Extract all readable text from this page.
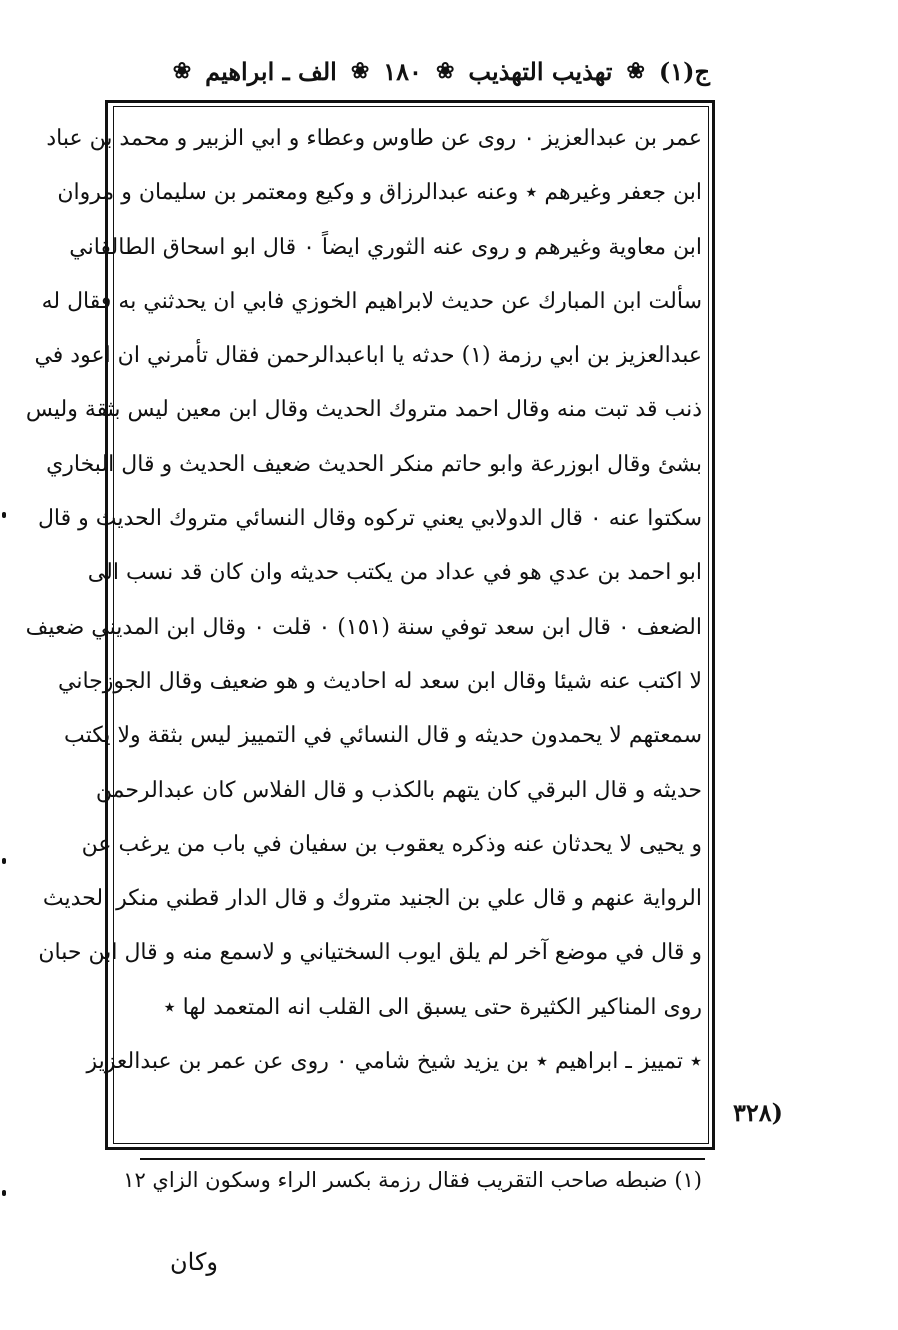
ج(١)
❀
تهذيب التهذيب
❀
١٨٠
❀
الف ـ ابراهيم
❀
عمر بن عبدالعزيز ٠ روى عن طاوس وعطاء و ابي الزبير و محمد بن عباد
ابن جعفر وغيرهم ٭ وعنه عبدالرزاق و وكيع ومعتمر بن سليمان و مروان
ابن معاوية وغيرهم و روى عنه الثوري ايضاً ٠ قال ابو اسحاق الطالقاني
سألت ابن المبارك عن حديث لابراهيم الخوزي فابي ان يحدثني به فقال له
عبدالعزيز بن ابي رزمة (١) حدثه يا اباعبدالرحمن فقال تأمرني ان اعود في
ذنب قد تبت منه وقال احمد متروك الحديث وقال ابن معين ليس بثقة وليس
بشئ وقال ابوزرعة وابو حاتم منكر الحديث ضعيف الحديث و قال البخاري
سكتوا عنه ٠ قال الدولابي يعني تركوه وقال النسائي متروك الحديث و قال
ابو احمد بن عدي هو في عداد من يكتب حديثه وان كان قد نسب الى
الضعف ٠ قال ابن سعد توفي سنة (١٥١) ٠ قلت ٠ وقال ابن المديني ضعيف
لا اكتب عنه شيئا وقال ابن سعد له احاديث و هو ضعيف وقال الجوزجاني
سمعتهم لا يحمدون حديثه و قال النسائي في التمييز ليس بثقة ولا يكتب
حديثه و قال البرقي كان يتهم بالكذب و قال الفلاس كان عبدالرحمن
و يحيى لا يحدثان عنه وذكره يعقوب بن سفيان في باب من يرغب عن
الرواية عنهم و قال علي بن الجنيد متروك و قال الدار قطني منكر الحديث
و قال في موضع آخر لم يلق ايوب السختياني و لاسمع منه و قال ابن حبان
روى المناكير الكثيرة حتى يسبق الى القلب انه المتعمد لها ٭
٭ تمييز ـ ابراهيم ٭ بن يزيد شيخ شامي ٠ روى عن عمر بن عبدالعزيز
(٣٢٨
(١) ضبطه صاحب التقريب فقال رزمة بكسر الراء وسكون الزاي ١٢
وكان
